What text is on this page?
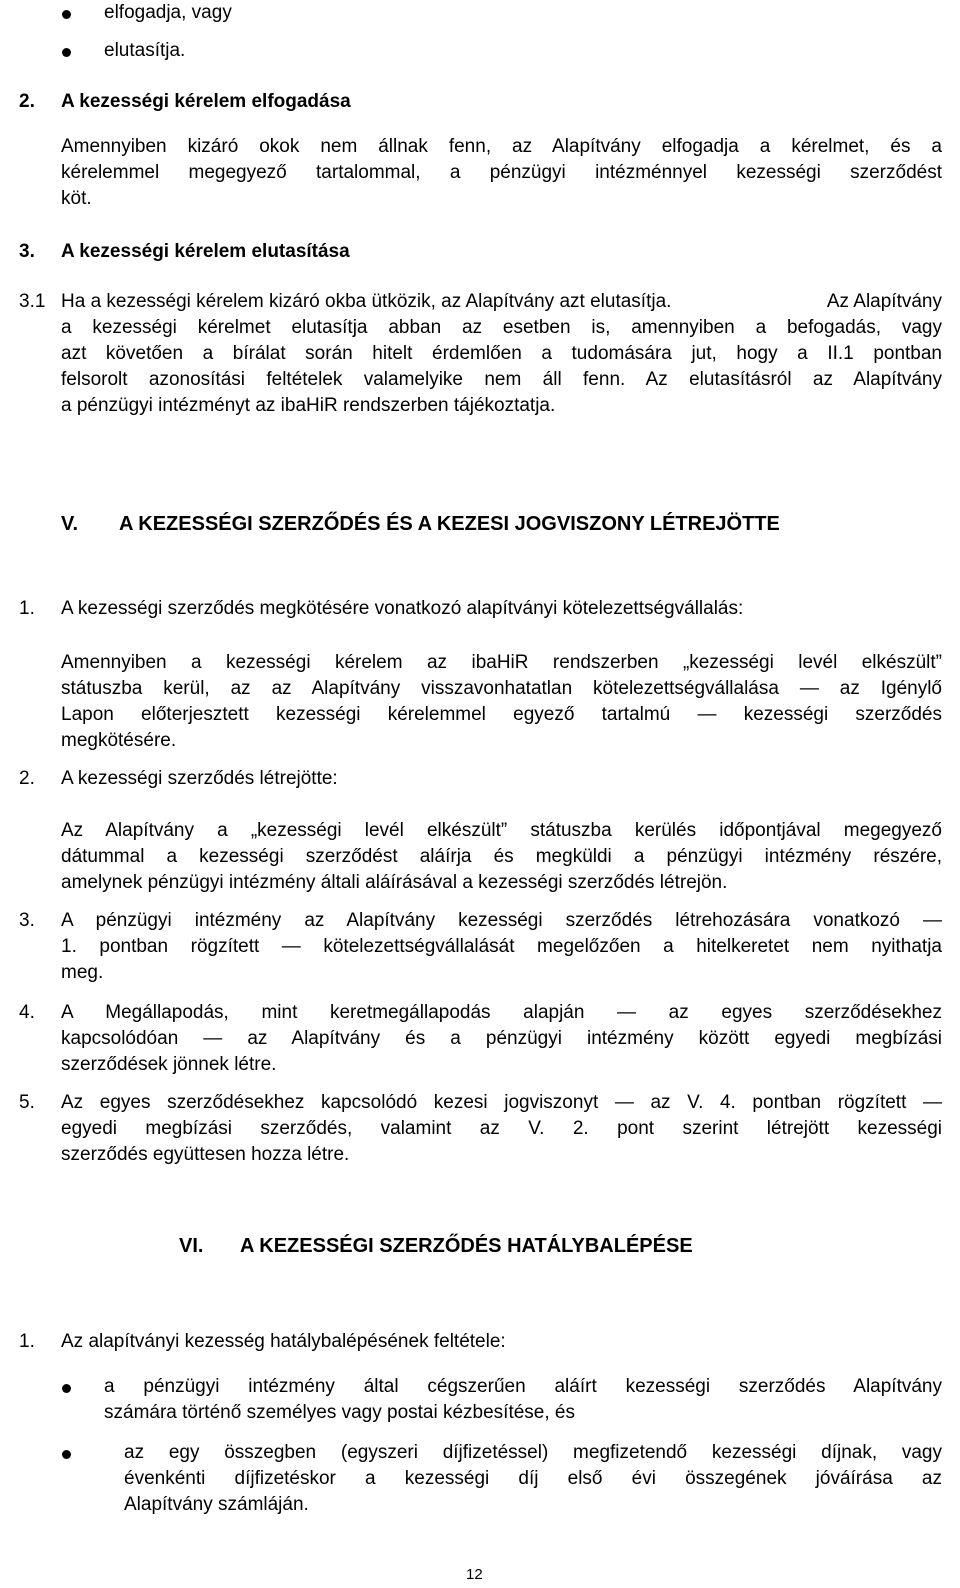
elfogadja, vagy
elutasítja.
2. A kezességi kérelem elfogadása
Amennyiben kizáró okok nem állnak fenn, az Alapítvány elfogadja a kérelmet, és a
kérelemmel megegyező tartalommal, a pénzügyi intézménnyel kezességi szerződést
köt.
3. A kezességi kérelem elutasítása
3.1 Ha a kezességi kérelem kizáró okba ütközik, az Alapítvány azt elutasítja.	Az Alapítvány
a kezességi kérelmet elutasítja abban az esetben is, amennyiben a befogadás, vagy
azt követően a bírálat során hitelt érdemlően a tudomására jut, hogy a II.1 pontban
felsorolt azonosítási feltételek valamelyike nem áll fenn. Az elutasításról az Alapítvány
a pénzügyi intézményt az ibaHiR rendszerben tájékoztatja.
V. A KEZESSÉGI SZERZŐDÉS ÉS A KEZESI JOGVISZONY LÉTREJÖTTE
1. A kezességi szerződés megkötésére vonatkozó alapítványi kötelezettségvállalás:
Amennyiben a kezességi kérelem az ibaHiR rendszerben „kezességi levél elkészült”
státuszba kerül, az az Alapítvány visszavonhatatlan kötelezettségvállalása — az Igénylő
Lapon előterjesztett kezességi kérelemmel egyező tartalmú — kezességi szerződés
megkötésére.
2. A kezességi szerződés létrejötte:
Az Alapítvány a „kezességi levél elkészült” státuszba kerülés időpontjával megegyező
dátummal a kezességi szerződést aláírja és megküldi a pénzügyi intézmény részére,
amelynek pénzügyi intézmény általi aláírásával a kezességi szerződés létrejön.
3. A pénzügyi intézmény az Alapítvány kezességi szerződés létrehozására vonatkozó —
1. pontban rögzített — kötelezettségvállalását megelőzően a hitelkeretet nem nyithatja
meg.
4. A Megállapodás, mint keretmegállapodás alapján — az egyes szerződésekhez
kapcsolódóan — az Alapítvány és a pénzügyi intézmény között egyedi megbízási
szerződések jönnek létre.
5. Az egyes szerződésekhez kapcsolódó kezesi jogviszonyt — az V. 4. pontban rögzített —
egyedi megbízási szerződés, valamint az V. 2. pont szerint létrejött kezességi
szerződés együttesen hozza létre.
VI. A KEZESSÉGI SZERZŐDÉS HATÁLYBALÉPÉSE
1. Az alapítványi kezesség hatálybalépésének feltétele:
a pénzügyi intézmény által cégszerűen aláírt kezességi szerződés Alapítvány
számára történő személyes vagy postai kézbesítése, és
az egy összegben (egyszeri díjfizetéssel) megfizetendő kezességi díjnak, vagy
évenkénti díjfizetéskor a kezességi díj első évi összegének jóváírása az
Alapítvány számláján.
12
